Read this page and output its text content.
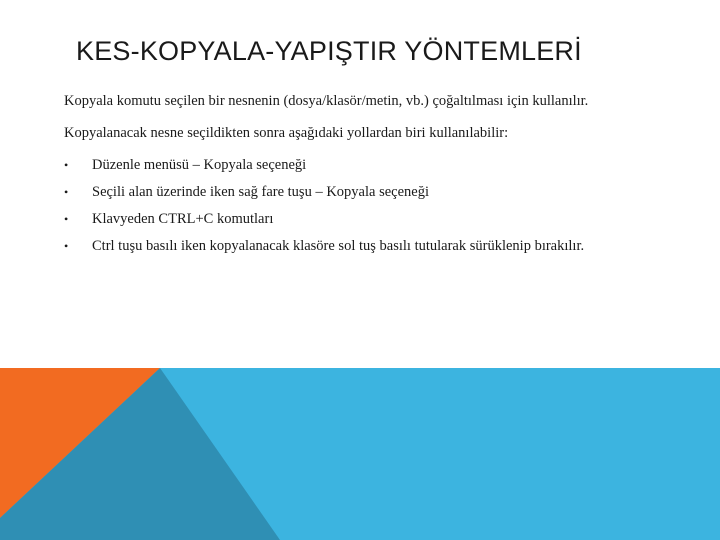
KES-KOPYALA-YAPIŞTIR YÖNTEMLERİ

Kopyala komutu seçilen bir nesnenin (dosya/klasör/metin, vb.) çoğaltılması için kullanılır.

Kopyalanacak nesne seçildikten sonra aşağıdaki yollardan biri kullanılabilir:

• Düzenle menüsü – Kopyala seçeneği
• Seçili alan üzerinde iken sağ fare tuşu – Kopyala seçeneği
• Klavyeden CTRL+C komutları
• Ctrl tuşu basılı iken kopyalanacak klasöre sol tuş basılı tutularak sürüklenip bırakılır.
